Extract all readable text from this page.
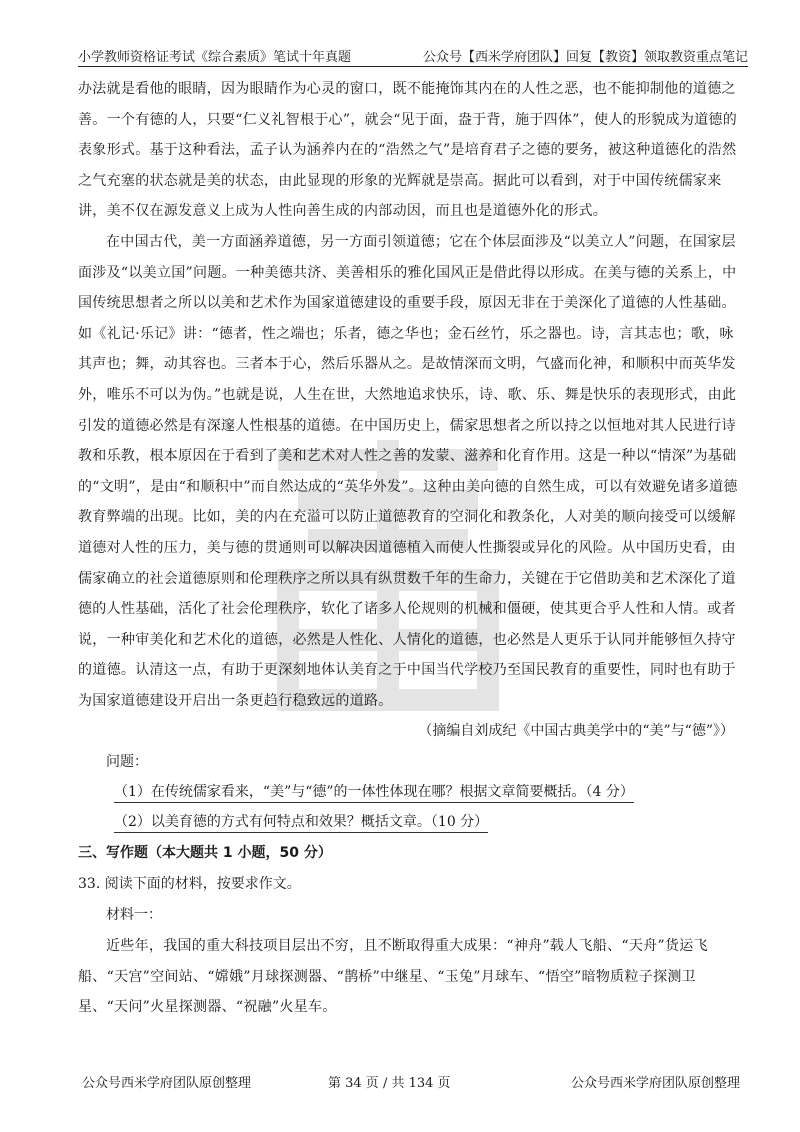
小学教师资格证考试《综合素质》笔试十年真题	公众号【西米学府团队】回复【教资】领取教资重点笔记

办法就是看他的眼睛，因为眼睛作为心灵的窗口，既不能掩饰其内在的人性之恶，也不能抑制他的道德之善。一个有德的人，只要“仁义礼智根于心”，就会“见于面，盎于背，施于四体”，使人的形貌成为道德的表象形式。基于这种看法，孟子认为涵养内在的“浩然之气”是培育君子之德的要务，被这种道德化的浩然之气充塞的状态就是美的状态，由此显现的形象的光辉就是崇高。据此可以看到，对于中国传统儒家来讲，美不仅在源发意义上成为人性向善生成的内部动因，而且也是道德外化的形式。

在中国古代，美一方面涵养道德，另一方面引领道德；它在个体层面涉及“以美立人”问题，在国家层面涉及“以美立国”问题。一种美德共济、美善相乐的雅化国风正是借此得以形成。在美与德的关系上，中国传统思想者之所以以美和艺术作为国家道德建设的重要手段，原因无非在于美深化了道德的人性基础。如《礼记·乐记》讲：“德者，性之端也；乐者，德之华也；金石丝竹，乐之器也。诗，言其志也；歌，咏其声也；舞，动其容也。三者本于心，然后乐器从之。是故情深而文明，气盛而化神，和顺积中而英华发外，唯乐不可以为伪。”也就是说，人生在世，大然地追求快乐，诗、歌、乐、舞是快乐的表现形式，由此引发的道德必然是有深邃人性根基的道德。在中国历史上，儒家思想者之所以持之以恒地对其人民进行诗教和乐教，根本原因在于看到了美和艺术对人性之善的发蒙、滋养和化育作用。这是一种以“情深”为基础的“文明”，是由“和顺积中”而自然达成的“英华外发”。这种由美向德的自然生成，可以有效避免诸多道德教育弊端的出现。比如，美的内在充溢可以防止道德教育的空洞化和教条化，人对美的顺向接受可以缓解道德对人性的压力，美与德的贯通则可以解决因道德植入而使人性撕裂或异化的风险。从中国历史看，由儒家确立的社会道德原则和伦理秩序之所以具有纵贯数千年的生命力，关键在于它借助美和艺术深化了道德的人性基础，活化了社会伦理秩序，软化了诸多人伦规则的机械和僵硬，使其更合乎人性和人情。或者说，一种审美化和艺术化的道德，必然是人性化、人情化的道德，也必然是人更乐于认同并能够恒久持守的道德。认清这一点，有助于更深刻地体认美育之于中国当代学校乃至国民教育的重要性，同时也有助于为国家道德建设开启出一条更趋行稳致远的道路。

（摘编自刘成纪《中国古典美学中的“美”与“德”》）

问题：

（1）在传统儒家看来，“美”与“德”的一体性体现在哪？根据文章简要概括。（4 分）

（2）以美育德的方式有何特点和效果？概括文章。（10 分）

三、写作题（本大题共 1 小题，50 分）

33. 阅读下面的材料，按要求作文。

材料一：

近些年，我国的重大科技项目层出不穷，且不断取得重大成果：“神舟”载人飞船、“天舟”货运飞船、“天宫”空间站、“嫦娥”月球探测器、“鹊桥”中继星、“玉兔”月球车、“悟空”暗物质粒子探测卫星、“天问”火星探测器、“祝融”火星车。

公众号西米学府团队原创整理	第 34 页 / 共 134 页	公众号西米学府团队原创整理
